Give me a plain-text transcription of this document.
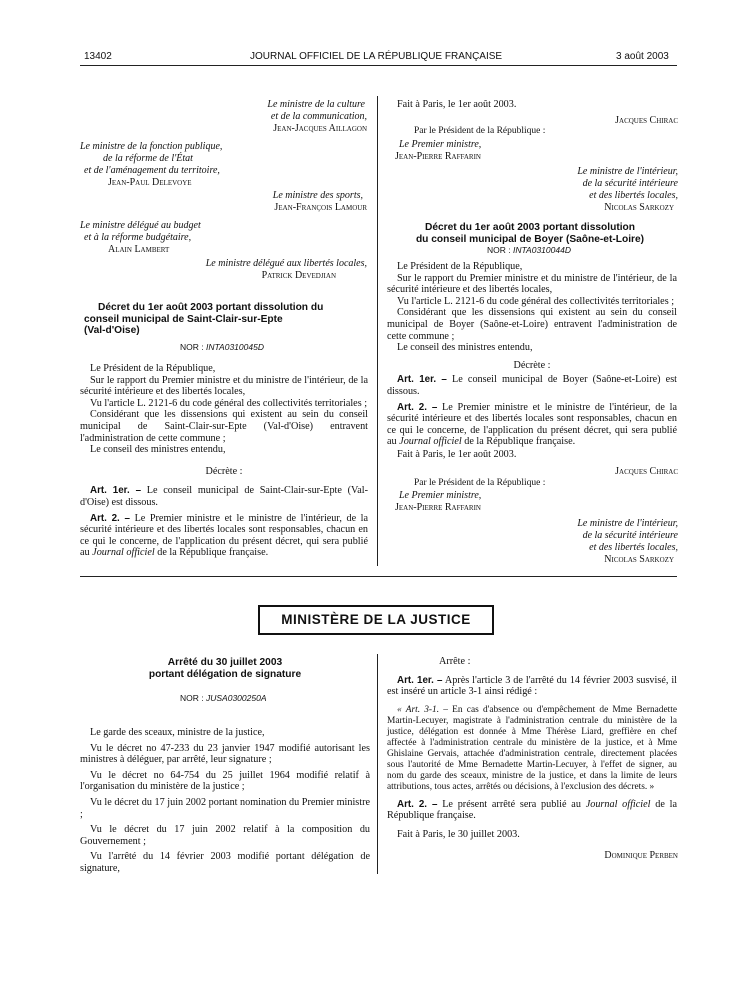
13402	JOURNAL OFFICIEL DE LA RÉPUBLIQUE FRANÇAISE	3 août 2003
Le ministre de la culture
et de la communication,
Jean-Jacques Aillagon
Le ministre de la fonction publique,
de la réforme de l'État
et de l'aménagement du territoire,
Jean-Paul Delevoye
Le ministre des sports,
Jean-François Lamour
Le ministre délégué au budget
et à la réforme budgétaire,
Alain Lambert
Le ministre délégué aux libertés locales,
Patrick Devedjian
Décret du 1er août 2003 portant dissolution du
conseil municipal de Saint-Clair-sur-Epte
(Val-d'Oise)
NOR : INTA0310045D

Le Président de la République,

Sur le rapport du Premier ministre et du ministre de l'intérieur, de la sécurité intérieure et des libertés locales,

Vu l'article L. 2121-6 du code général des collectivités territoriales ;

Considérant que les dissensions qui existent au sein du conseil municipal de Saint-Clair-sur-Epte (Val-d'Oise) entravent l'administration de cette commune ;

Le conseil des ministres entendu,

Décrète :

Art. 1er. – Le conseil municipal de Saint-Clair-sur-Epte (Val-d'Oise) est dissous.

Art. 2. – Le Premier ministre et le ministre de l'intérieur, de la sécurité intérieure et des libertés locales sont responsables, chacun en ce qui le concerne, de l'application du présent décret, qui sera publié au Journal officiel de la République française.

Fait à Paris, le 1er août 2003.

Jacques Chirac
Par le Président de la République :
Le Premier ministre,
Jean-Pierre Raffarin
Le ministre de l'intérieur,
de la sécurité intérieure
et des libertés locales,
Nicolas Sarkozy
Décret du 1er août 2003 portant dissolution
du conseil municipal de Boyer (Saône-et-Loire)
NOR : INTA0310044D

Le Président de la République,

Sur le rapport du Premier ministre et du ministre de l'intérieur, de la sécurité intérieure et des libertés locales,

Vu l'article L. 2121-6 du code général des collectivités territoriales ;

Considérant que les dissensions qui existent au sein du conseil municipal de Boyer (Saône-et-Loire) entravent l'administration de cette commune ;

Le conseil des ministres entendu,

Décrète :

Art. 1er. – Le conseil municipal de Boyer (Saône-et-Loire) est dissous.

Art. 2. – Le Premier ministre et le ministre de l'intérieur, de la sécurité intérieure et des libertés locales sont responsables, chacun en ce qui le concerne, de l'application du présent décret, qui sera publié au Journal officiel de la République française.

Fait à Paris, le 1er août 2003.

Jacques Chirac
Par le Président de la République :
Le Premier ministre,
Jean-Pierre Raffarin
Le ministre de l'intérieur,
de la sécurité intérieure
et des libertés locales,
Nicolas Sarkozy
MINISTÈRE DE LA JUSTICE
Arrêté du 30 juillet 2003
portant délégation de signature
NOR : JUSA0300250A

Le garde des sceaux, ministre de la justice,

Vu le décret no 47-233 du 23 janvier 1947 modifié autorisant les ministres à déléguer, par arrêté, leur signature ;

Vu le décret no 64-754 du 25 juillet 1964 modifié relatif à l'organisation du ministère de la justice ;

Vu le décret du 17 juin 2002 portant nomination du Premier ministre ;

Vu le décret du 17 juin 2002 relatif à la composition du Gouvernement ;

Vu l'arrêté du 14 février 2003 modifié portant délégation de signature,

Arrête :

Art. 1er. – Après l'article 3 de l'arrêté du 14 février 2003 susvisé, il est inséré un article 3-1 ainsi rédigé :

« Art. 3-1. – En cas d'absence ou d'empêchement de Mme Bernadette Martin-Lecuyer, magistrate à l'administration centrale du ministère de la justice, délégation est donnée à Mme Thérèse Liard, greffière en chef affectée à l'administration centrale du ministère de la justice, et à Mme Ghislaine Gervais, attachée d'administration centrale, directement placées sous l'autorité de Mme Bernadette Martin-Lecuyer, à l'effet de signer, au nom du garde des sceaux, ministre de la justice, et dans la limite de leurs attributions, tous actes, arrêtés ou décisions, à l'exclusion des décrets. »

Art. 2. – Le présent arrêté sera publié au Journal officiel de la République française.

Fait à Paris, le 30 juillet 2003.

Dominique Perben
